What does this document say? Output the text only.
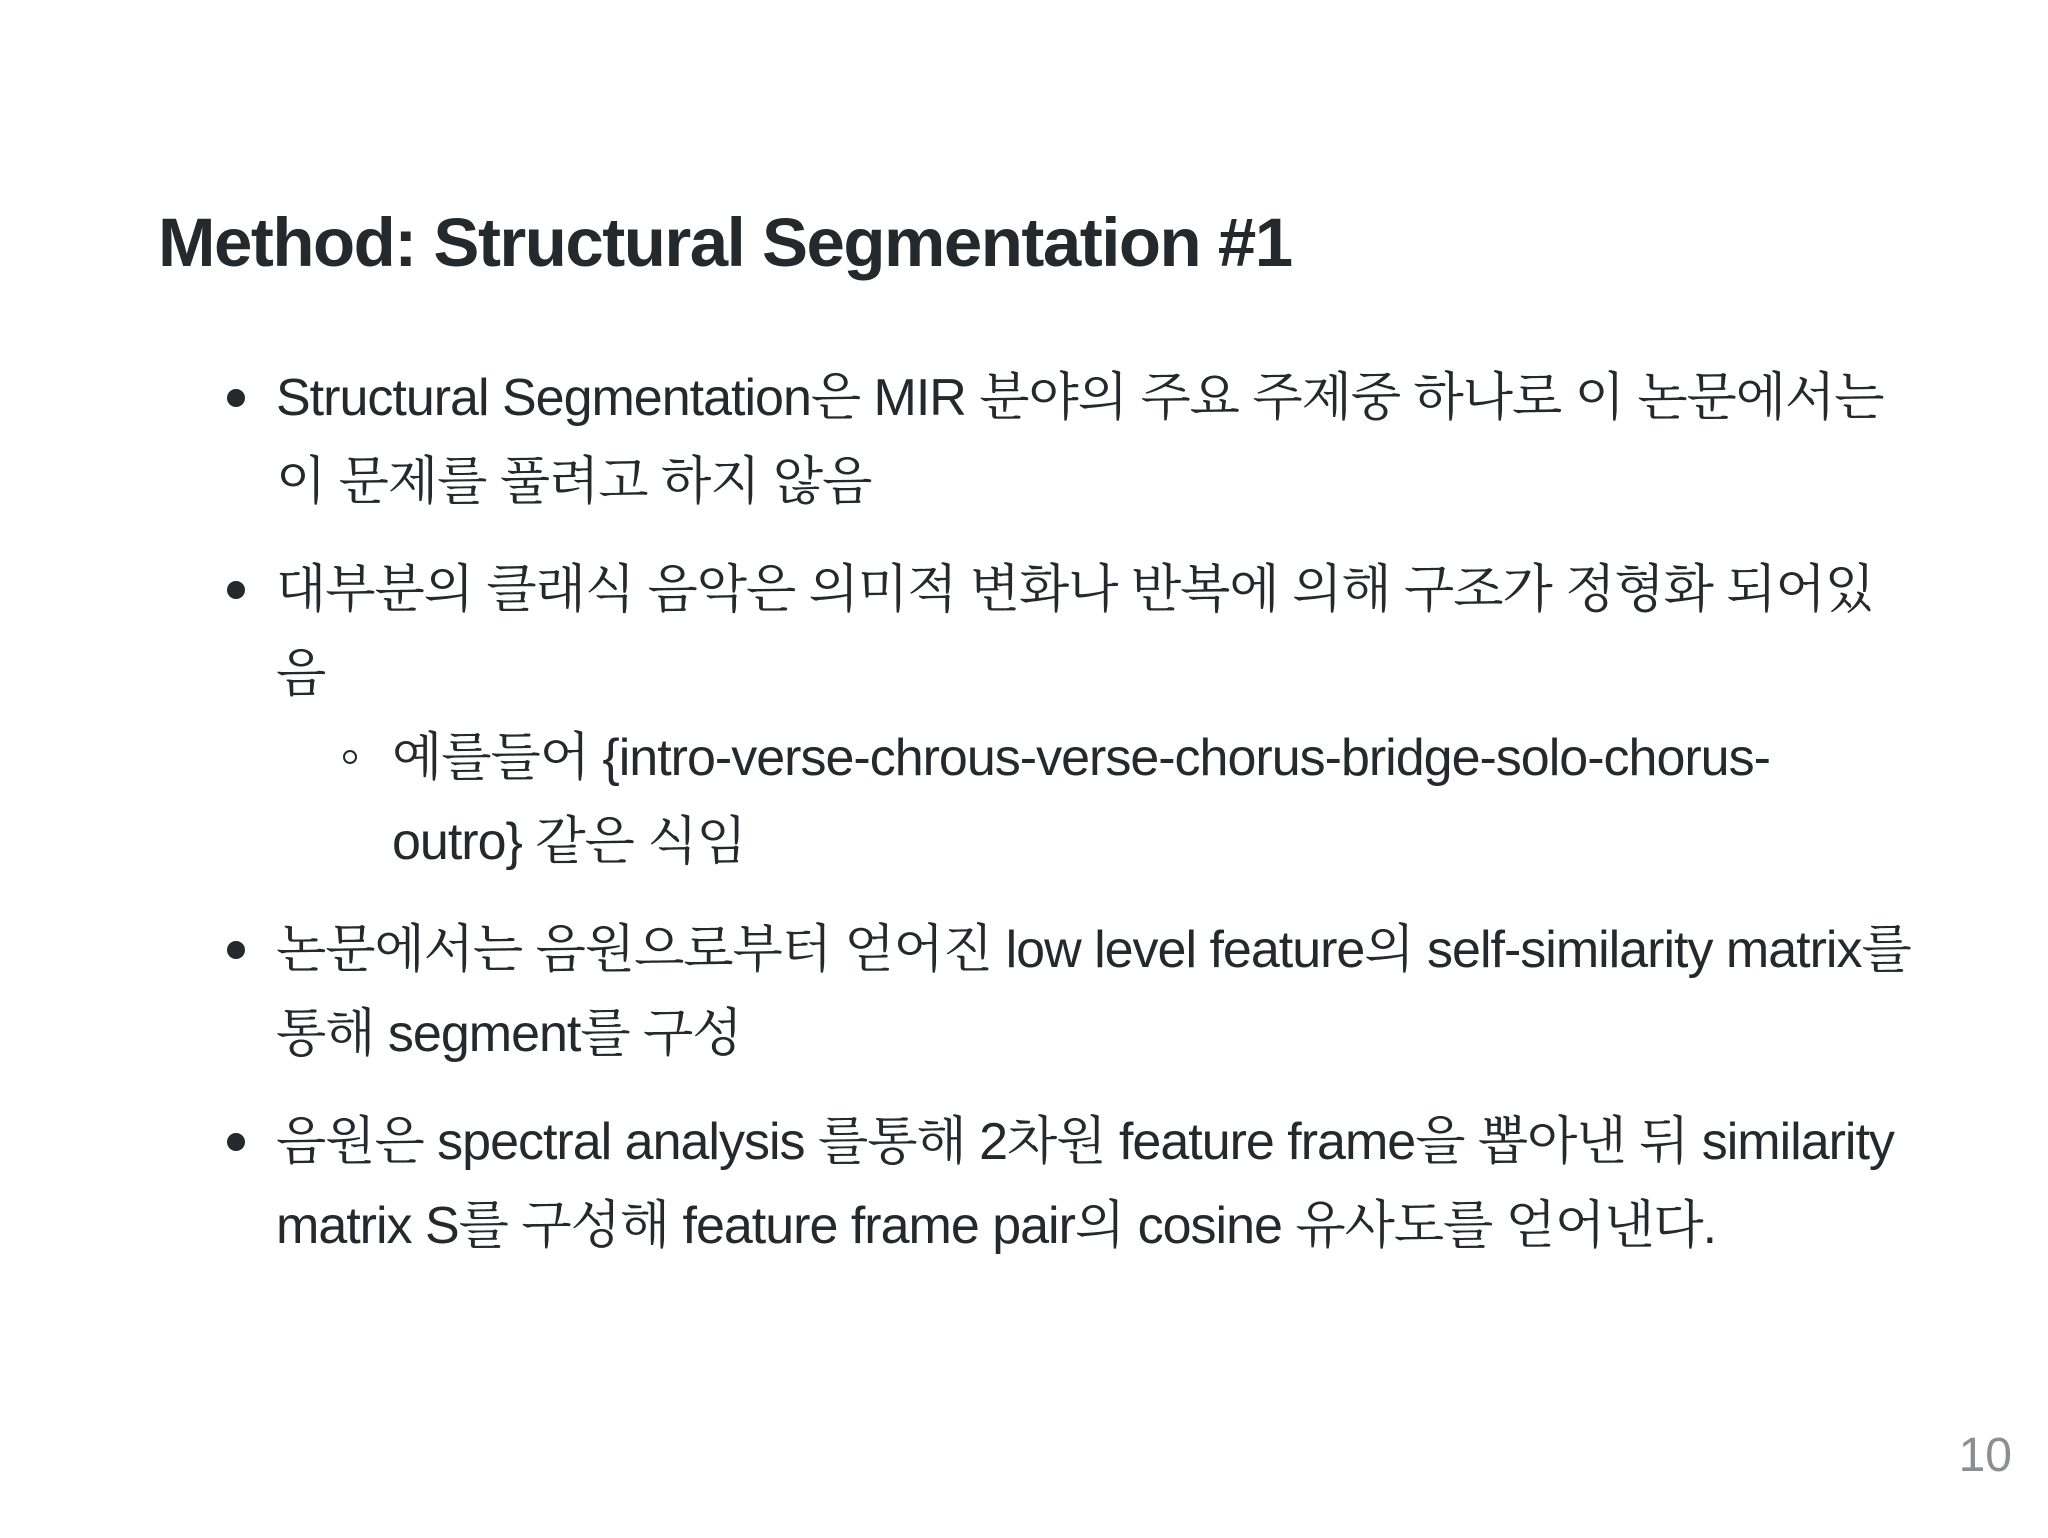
Method: Structural Segmentation #1
Structural Segmentation은 MIR 분야의 주요 주제중 하나로 이 논문에서는 이 문제를 풀려고 하지 않음
대부분의 클래식 음악은 의미적 변화나 반복에 의해 구조가 정형화 되어있음
예를들어 {intro-verse-chrous-verse-chorus-bridge-solo-chorus-outro} 같은 식임
논문에서는 음원으로부터 얻어진 low level feature의 self-similarity matrix를 통해 segment를 구성
음원은 spectral analysis 를통해 2차원 feature frame을 뽑아낸 뒤 similarity matrix S를 구성해 feature frame pair의 cosine 유사도를 얻어낸다.
10
